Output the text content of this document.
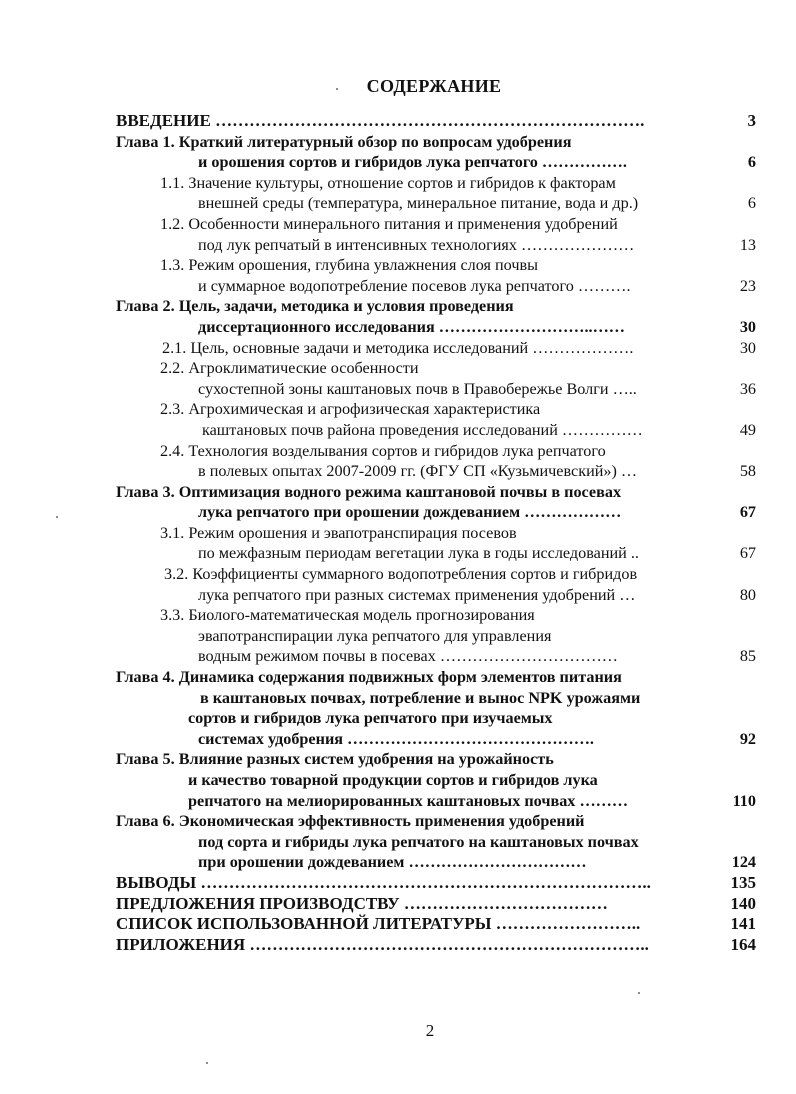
СОДЕРЖАНИЕ
ВВЕДЕНИЕ ………………………………………………………………….	3
Глава 1. Краткий литературный обзор по вопросам удобрения
и орошения сортов и гибридов лука репчатого …………….	6
1.1. Значение культуры, отношение сортов и гибридов к факторам
внешней среды (температура, минеральное питание, вода и др.)	6
1.2. Особенности минерального питания и применения удобрений
под лук репчатый в интенсивных технологиях …………………	13
1.3. Режим орошения, глубина увлажнения слоя почвы
и суммарное водопотребление посевов лука репчатого ……….	23
Глава 2. Цель, задачи, методика и условия проведения
диссертационного исследования ………………………..……	30
2.1. Цель, основные задачи и методика исследований ……………….	30
2.2. Агроклиматические особенности
сухостепной зоны каштановых почв в Правобережье Волги …..	36
2.3. Агрохимическая и агрофизическая характеристика
каштановых почв района проведения исследований ……………	49
2.4. Технология возделывания сортов и гибридов лука репчатого
в полевых опытах 2007-2009 гг. (ФГУ СП «Кузьмичевский») …	58
Глава 3. Оптимизация водного режима каштановой почвы в посевах
лука репчатого при орошении дождеванием ………………	67
3.1. Режим орошения и эвапотранспирация посевов
по межфазным периодам вегетации лука в годы исследований ..	67
3.2. Коэффициенты суммарного водопотребления сортов и гибридов
лука репчатого при разных системах применения удобрений …	80
3.3. Биолого-математическая модель прогнозирования
эвапотранспирации лука репчатого для управления
водным режимом почвы в посевах ……………………………	85
Глава 4. Динамика содержания подвижных форм элементов питания
в каштановых почвах, потребление и вынос NPK урожаями
сортов и гибридов лука репчатого при изучаемых
системах удобрения ……………………………………….	92
Глава 5. Влияние разных систем удобрения на урожайность
и качество товарной продукции сортов и гибридов лука
репчатого на мелиорированных каштановых почвах ………	110
Глава 6. Экономическая эффективность применения удобрений
под сорта и гибриды лука репчатого на каштановых почвах
при орошении дождеванием ……………………………	124
ВЫВОДЫ ……………………………………………………………………..	135
ПРЕДЛОЖЕНИЯ ПРОИЗВОДСТВУ ………………………………	140
СПИСОК ИСПОЛЬЗОВАННОЙ ЛИТЕРАТУРЫ ……………………..	141
ПРИЛОЖЕНИЯ ……………………………………………………………..	164
2
